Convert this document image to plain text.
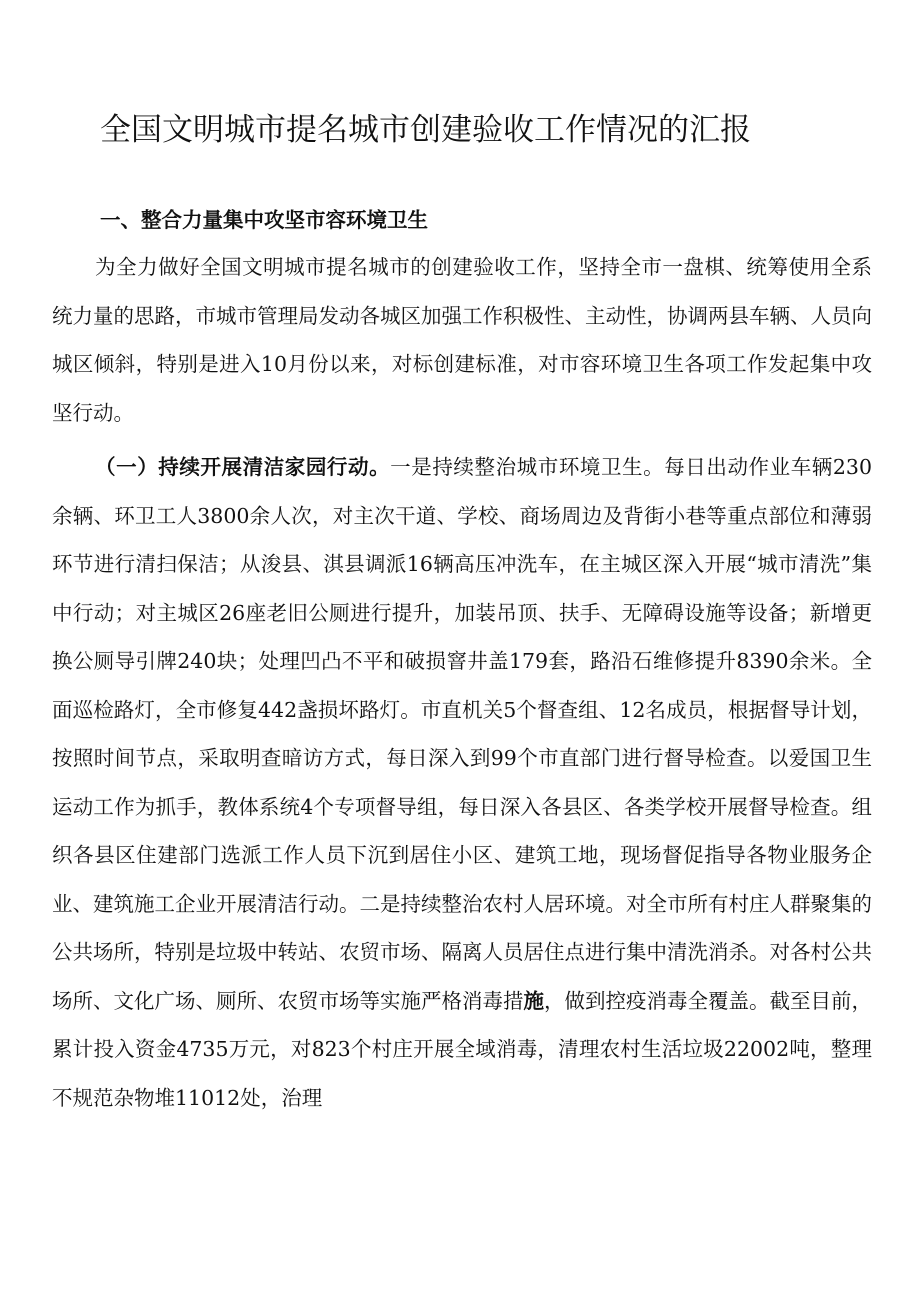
全国文明城市提名城市创建验收工作情况的汇报
一、整合力量集中攻坚市容环境卫生

为全力做好全国文明城市提名城市的创建验收工作，坚持全市一盘棋、统筹使用全系统力量的思路，市城市管理局发动各城区加强工作积极性、主动性，协调两县车辆、人员向城区倾斜，特别是进入10月份以来，对标创建标准，对市容环境卫生各项工作发起集中攻坚行动。

（一）持续开展清洁家园行动。一是持续整治城市环境卫生。每日出动作业车辆230余辆、环卫工人3800余人次，对主次干道、学校、商场周边及背街小巷等重点部位和薄弱环节进行清扫保洁；从浚县、淇县调派16辆高压冲洗车，在主城区深入开展“城市清洗”集中行动；对主城区26座老旧公厕进行提升，加装吊顶、扶手、无障碍设施等设备；新增更换公厕导引牌240块；处理凹凸不平和破损窨井盖179套，路沿石维修提升8390余米。全面巡检路灯，全市修复442盏损坏路灯。市直机关5个督查组、12名成员，根据督导计划，按照时间节点，采取明查暗访方式，每日深入到99个市直部门进行督导检查。以爱国卫生运动工作为抓手，教体系统4个专项督导组，每日深入各县区、各类学校开展督导检查。组织各县区住建部门选派工作人员下沉到居住小区、建筑工地，现场督促指导各物业服务企业、建筑施工企业开展清洁行动。二是持续整治农村人居环境。对全市所有村庄人群聚集的公共场所，特别是垃圾中转站、农贸市场、隔离人员居住点进行集中清洗消杀。对各村公共场所、文化广场、厕所、农贸市场等实施严格消毒措施，做到控疫消毒全覆盖。截至目前，累计投入资金4735万元，对823个村庄开展全域消毒，清理农村生活垃圾22002吨，整理不规范杂物堆11012处，治理
